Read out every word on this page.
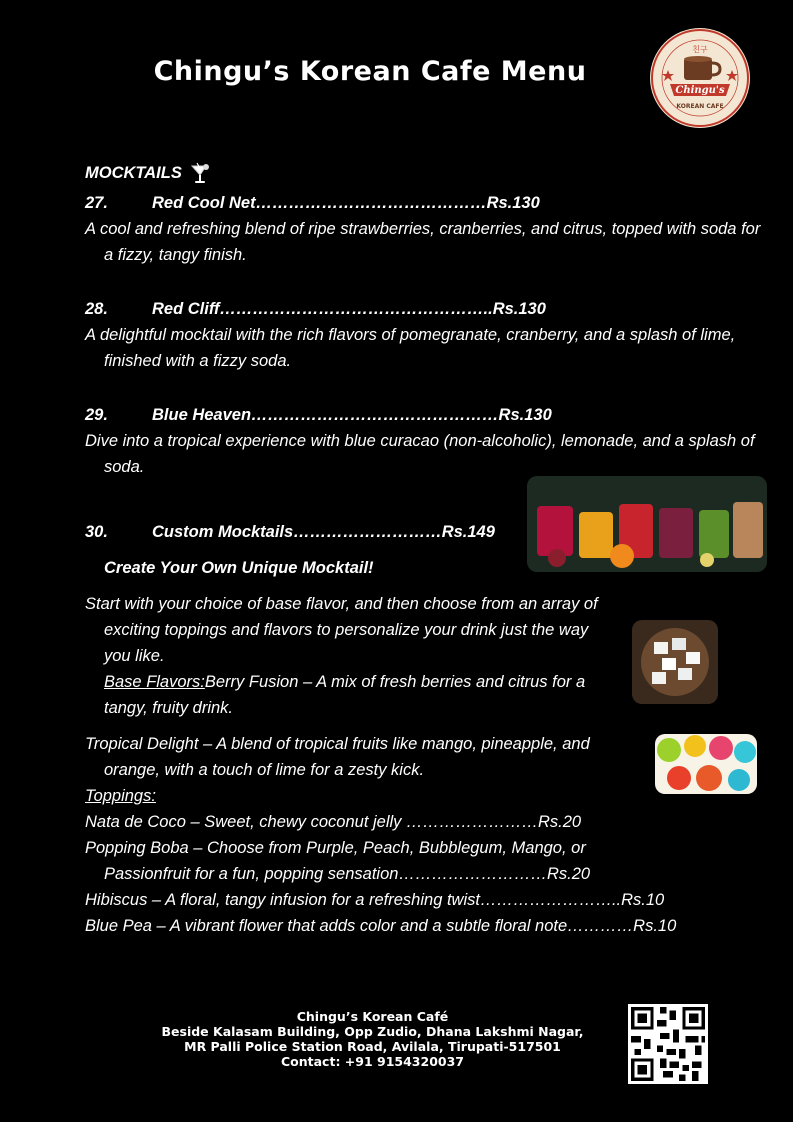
Chingu’s Korean Cafe Menu
친구
Chingu's
KOREAN CAFE
MOCKTAILS
27.	Red Cool Net……………………………………Rs.130
A cool and refreshing blend of ripe strawberries, cranberries, and citrus, topped with soda for a fizzy, tangy finish.
28.	Red Cliff…………………………………………..Rs.130
A delightful mocktail with the rich flavors of pomegranate, cranberry, and a splash of lime, finished with a fizzy soda.
29.	Blue Heaven………………………………………Rs.130
Dive into a tropical experience with blue curacao (non-alcoholic), lemonade, and a splash of soda.
30.	Custom Mocktails………………………Rs.149
Create Your Own Unique Mocktail!
Start with your choice of base flavor, and then choose from an array of exciting toppings and flavors to personalize your drink just the way you like.
Base Flavors:Berry Fusion – A mix of fresh berries and citrus for a tangy, fruity drink.
Tropical Delight – A blend of tropical fruits like mango, pineapple, and orange, with a touch of lime for a zesty kick.
Toppings:
Nata de Coco – Sweet, chewy coconut jelly ……………………Rs.20
Popping Boba – Choose from Purple, Peach, Bubblegum, Mango, or Passionfruit for a fun, popping sensation………………………Rs.20
Hibiscus – A floral, tangy infusion for a refreshing twist……………………..Rs.10
Blue Pea – A vibrant flower that adds color and a subtle floral note…………Rs.10
Chingu’s Korean Café
Beside Kalasam Building, Opp Zudio, Dhana Lakshmi Nagar,
MR Palli Police Station Road, Avilala, Tirupati-517501
Contact: +91 9154320037
